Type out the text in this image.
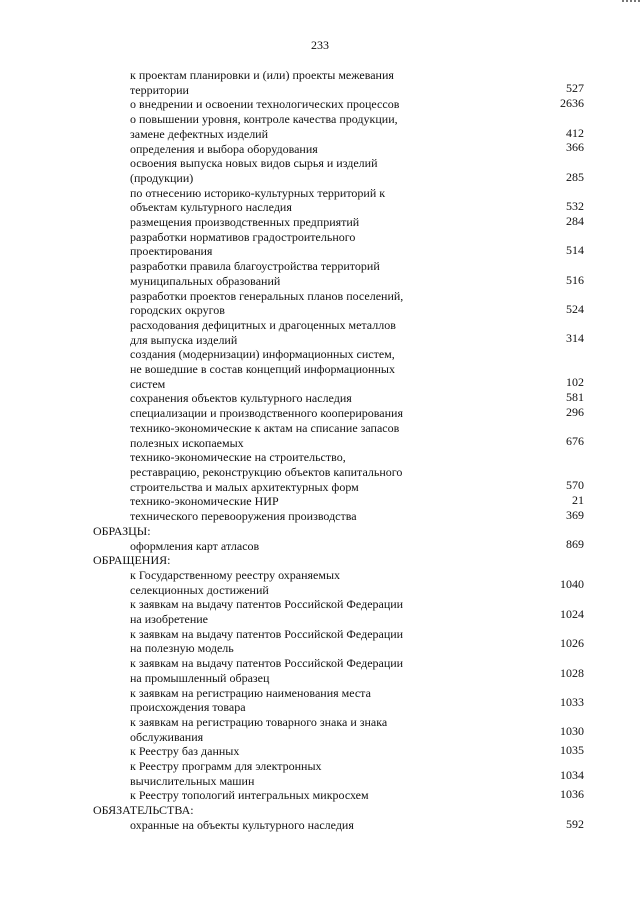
233
к проектам планировки и (или) проекты межевания
территории	527
о внедрении и освоении технологических процессов	2636
о повышении уровня, контроле качества продукции,
замене дефектных изделий	412
определения и выбора оборудования	366
освоения выпуска новых видов сырья и изделий
(продукции)	285
по отнесению историко-культурных территорий к
объектам культурного наследия	532
размещения производственных предприятий	284
разработки нормативов градостроительного
проектирования	514
разработки правила благоустройства территорий
муниципальных образований	516
разработки проектов генеральных планов поселений,
городских округов	524
расходования дефицитных и драгоценных металлов
для выпуска изделий	314
создания (модернизации) информационных систем,
не вошедшие в состав концепций информационных
систем	102
сохранения объектов культурного наследия	581
специализации и производственного кооперирования	296
технико-экономические к актам на списание запасов
полезных ископаемых	676
технико-экономические на строительство,
реставрацию, реконструкцию объектов капитального
строительства и малых архитектурных форм	570
технико-экономические НИР	21
технического перевооружения производства	369
ОБРАЗЦЫ:
оформления карт атласов	869
ОБРАЩЕНИЯ:
к Государственному реестру охраняемых
селекционных достижений	1040
к заявкам на выдачу патентов Российской Федерации
на изобретение	1024
к заявкам на выдачу патентов Российской Федерации
на полезную модель	1026
к заявкам на выдачу патентов Российской Федерации
на промышленный образец	1028
к заявкам на регистрацию наименования места
происхождения товара	1033
к заявкам на регистрацию товарного знака и знака
обслуживания	1030
к Реестру баз данных	1035
к Реестру программ для электронных
вычислительных машин	1034
к Реестру топологий интегральных микросхем	1036
ОБЯЗАТЕЛЬСТВА:
охранные на объекты культурного наследия	592
